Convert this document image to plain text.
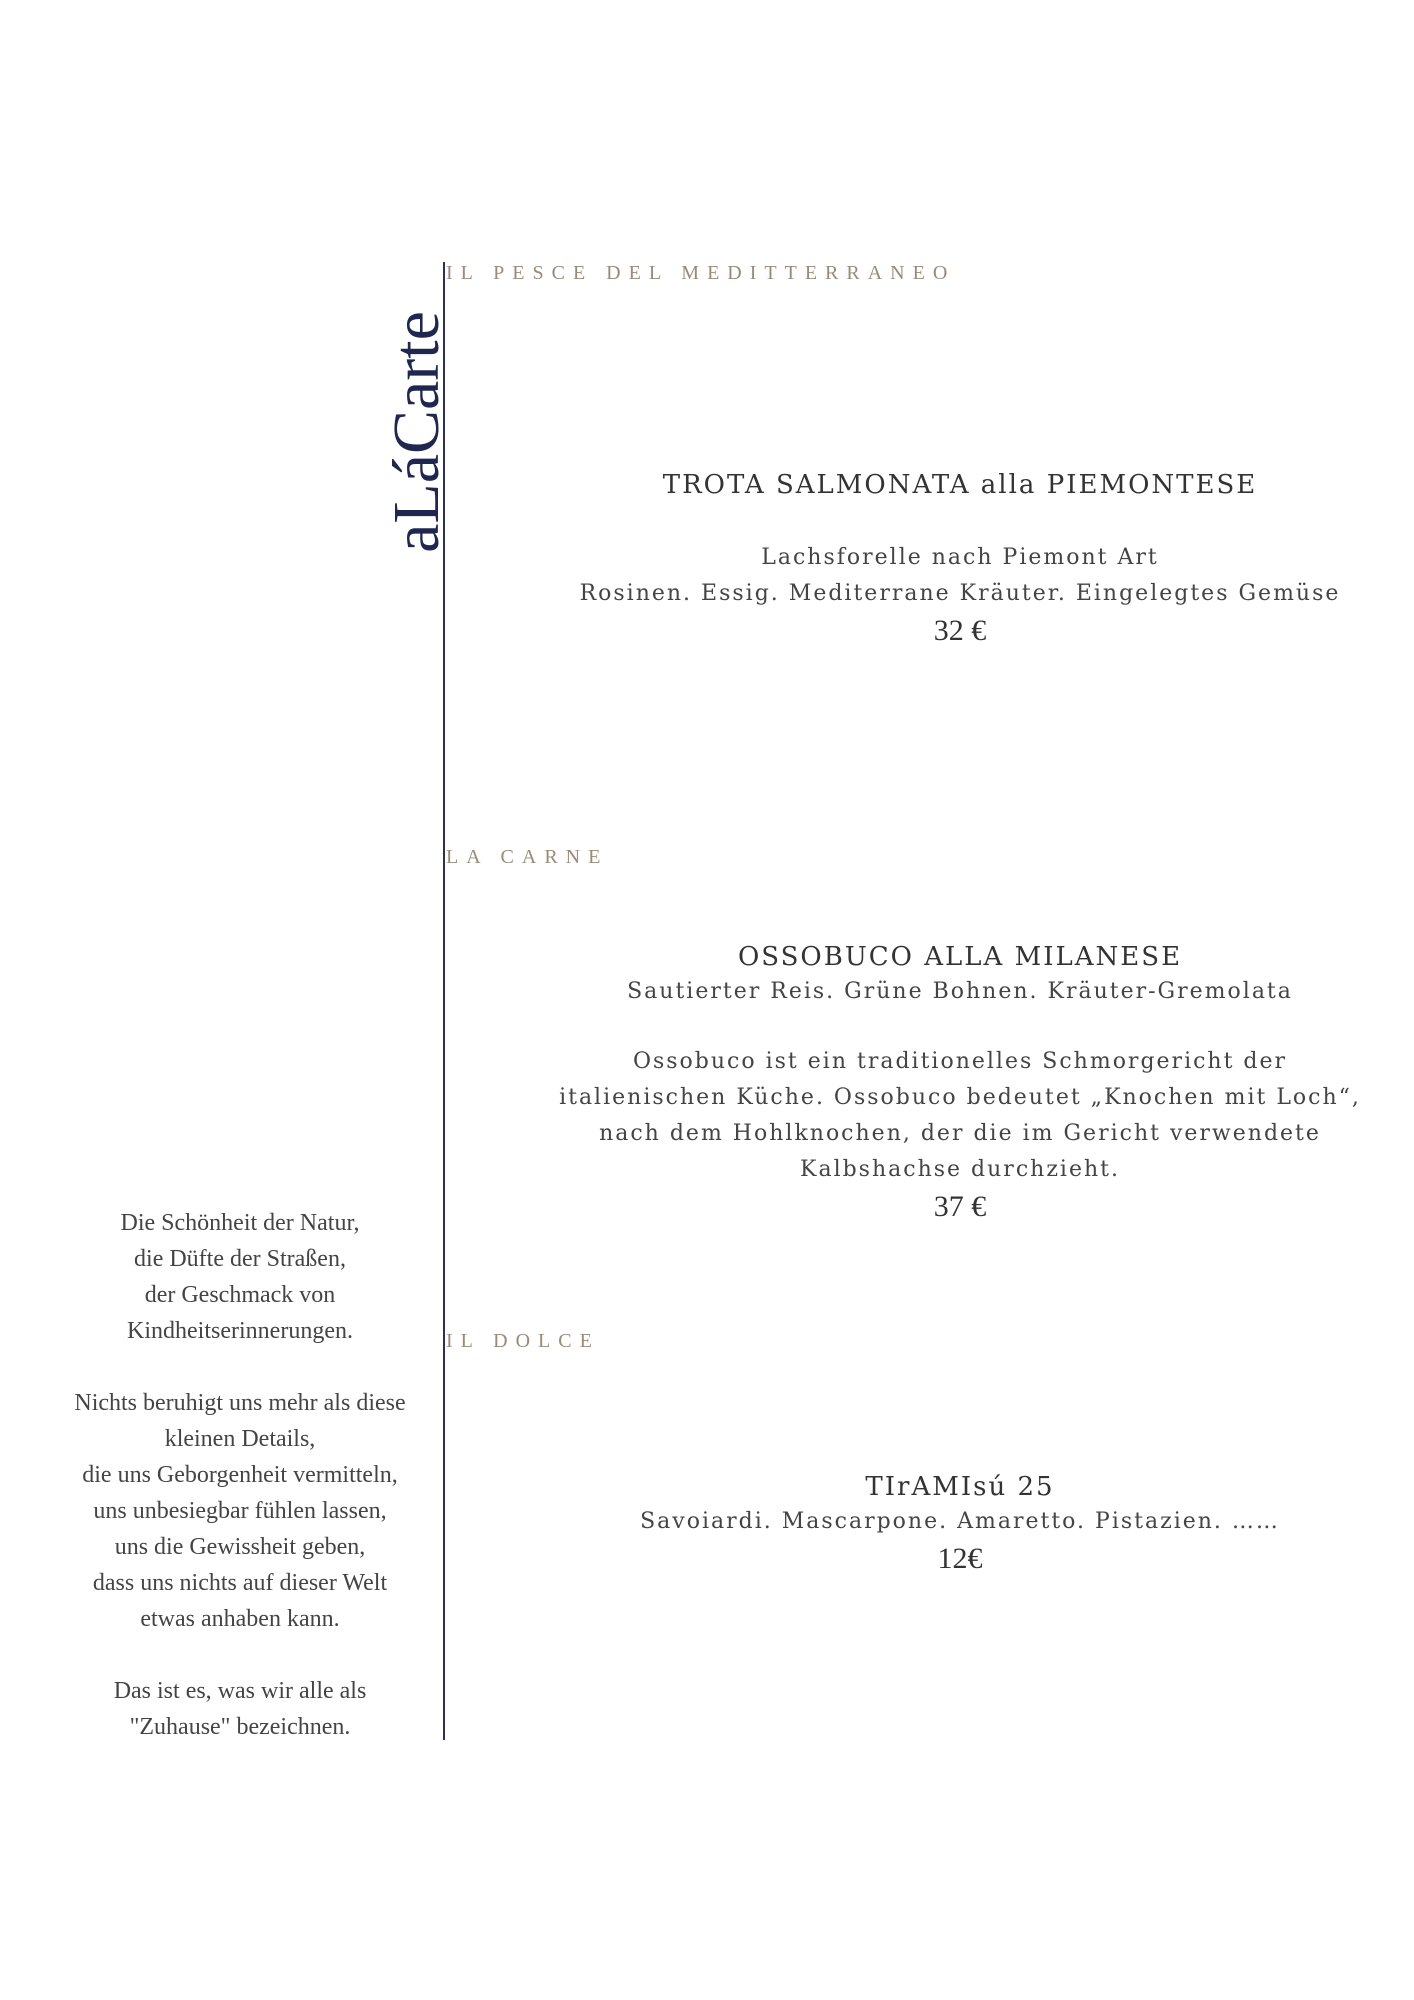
aLáCarte
IL PESCE DEL MEDITTERRANEO
TROTA SALMONATA alla PIEMONTESE
Lachsforelle nach Piemont Art
Rosinen. Essig. Mediterrane Kräuter. Eingelegtes Gemüse
32 €
LA CARNE
OSSOBUCO ALLA MILANESE
Sautierter Reis. Grüne Bohnen. Kräuter-Gremolata
Ossobuco ist ein traditionelles Schmorgericht der
italienischen Küche. Ossobuco bedeutet „Knochen mit Loch“,
nach dem Hohlknochen, der die im Gericht verwendete
Kalbshachse durchzieht.
37 €
IL DOLCE
TIrAMIsú 25
Savoiardi. Mascarpone. Amaretto. Pistazien. ……
12€

Die Schönheit der Natur,
die Düfte der Straßen,
der Geschmack von
Kindheitserinnerungen.

Nichts beruhigt uns mehr als diese
kleinen Details,
die uns Geborgenheit vermitteln,
uns unbesiegbar fühlen lassen,
uns die Gewissheit geben,
dass uns nichts auf dieser Welt
etwas anhaben kann.

Das ist es, was wir alle als
"Zuhause" bezeichnen.
